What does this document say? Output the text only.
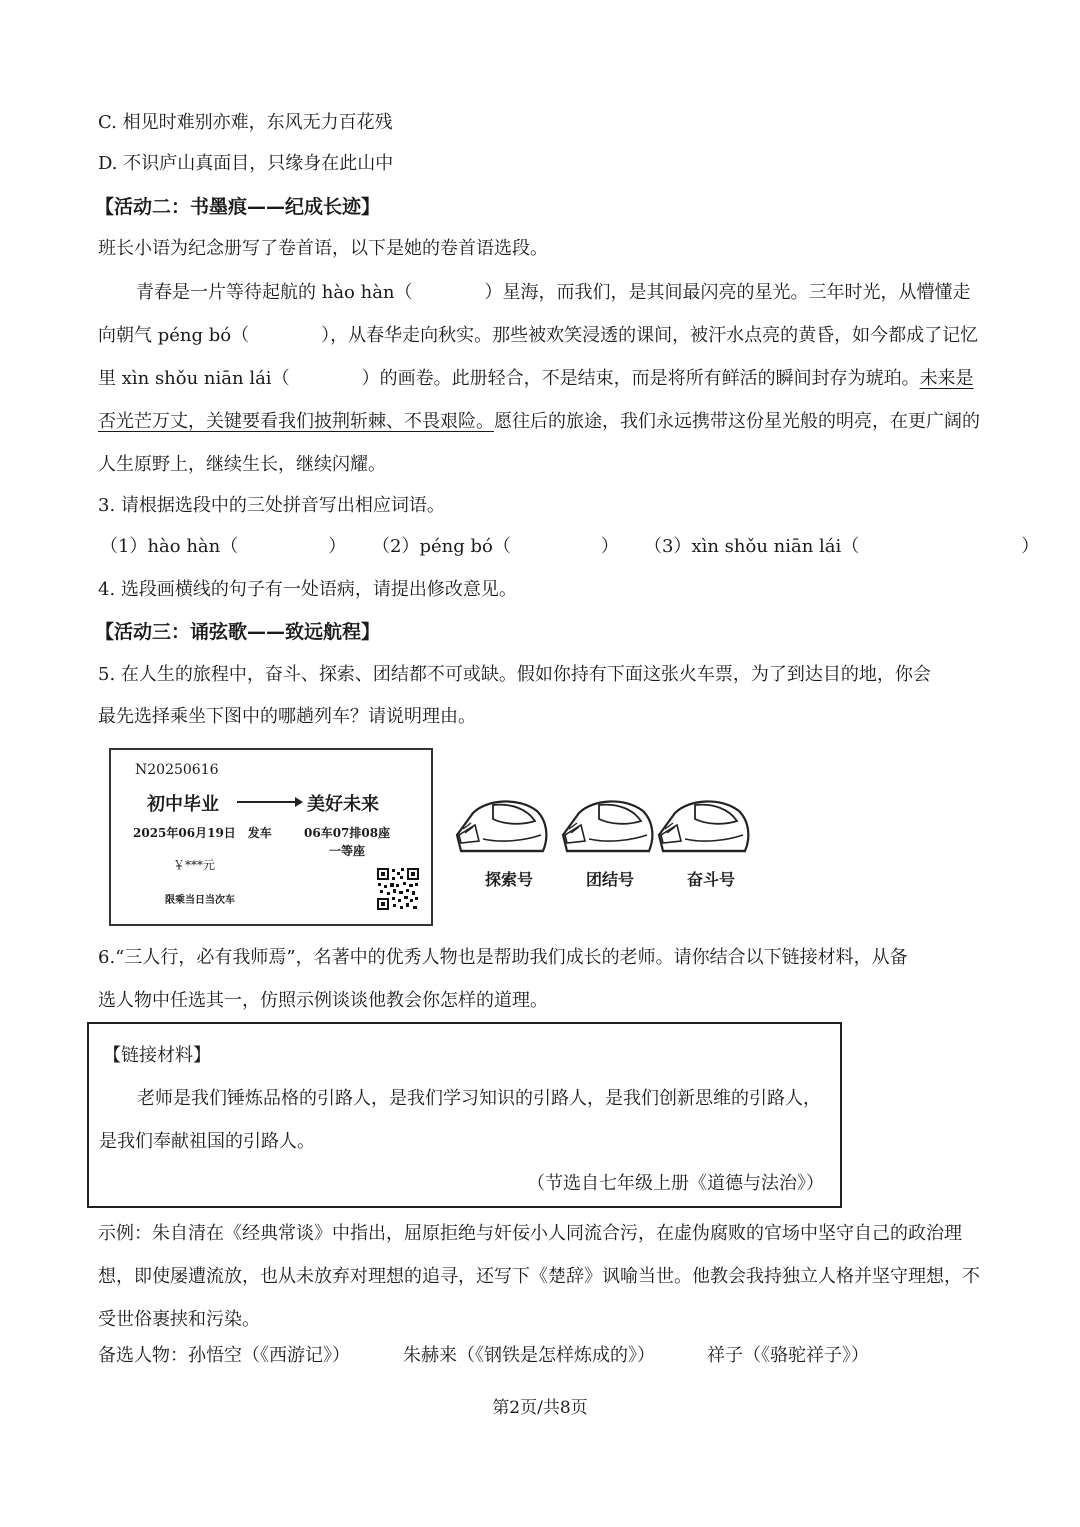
C. 相见时难别亦难，东风无力百花残
D. 不识庐山真面目，只缘身在此山中
【活动二：书墨痕——纪成长迹】
班长小语为纪念册写了卷首语，以下是她的卷首语选段。

青春是一片等待起航的 hào hàn（　　　　）星海，而我们，是其间最闪亮的星光。三年时光，从懵懂走向朝气 péng bó（　　　　），从春华走向秋实。那些被欢笑浸透的课间，被汗水点亮的黄昏，如今都成了记忆里 xìn shǒu niān lái（　　　　）的画卷。此册轻合，不是结束，而是将所有鲜活的瞬间封存为琥珀。未来是否光芒万丈，关键要看我们披荆斩棘、不畏艰险。愿往后的旅途，我们永远携带这份星光般的明亮，在更广阔的人生原野上，继续生长，继续闪耀。

3. 请根据选段中的三处拼音写出相应词语。
（1）hào hàn（　　　　　） （2）péng bó（　　　　　） （3）xìn shǒu niān lái（　　　　　　　　　）
4. 选段画横线的句子有一处语病，请提出修改意见。
【活动三：诵弦歌——致远航程】
5. 在人生的旅程中，奋斗、探索、团结都不可或缺。假如你持有下面这张火车票，为了到达目的地，你会
最先选择乘坐下图中的哪趟列车？请说明理由。
N20250616
初中毕业	美好未来
2025年06月19日　发车	06车07排08座
一等座
￥***元
限乘当日当次车
探索号	团结号	奋斗号
6.“三人行，必有我师焉”，名著中的优秀人物也是帮助我们成长的老师。请你结合以下链接材料，从备
选人物中任选其一，仿照示例谈谈他教会你怎样的道理。
【链接材料】
老师是我们锤炼品格的引路人，是我们学习知识的引路人，是我们创新思维的引路人，
是我们奉献祖国的引路人。
（节选自七年级上册《道德与法治》）

示例：朱自清在《经典常谈》中指出，屈原拒绝与奸佞小人同流合污，在虚伪腐败的官场中坚守自己的政治理想，即使屡遭流放，也从未放弃对理想的追寻，还写下《楚辞》讽喻当世。他教会我持独立人格并坚守理想，不受世俗裹挟和污染。

备选人物：孙悟空（《西游记》）	朱赫来（《钢铁是怎样炼成的》）	祥子（《骆驼祥子》）
第2页/共8页
